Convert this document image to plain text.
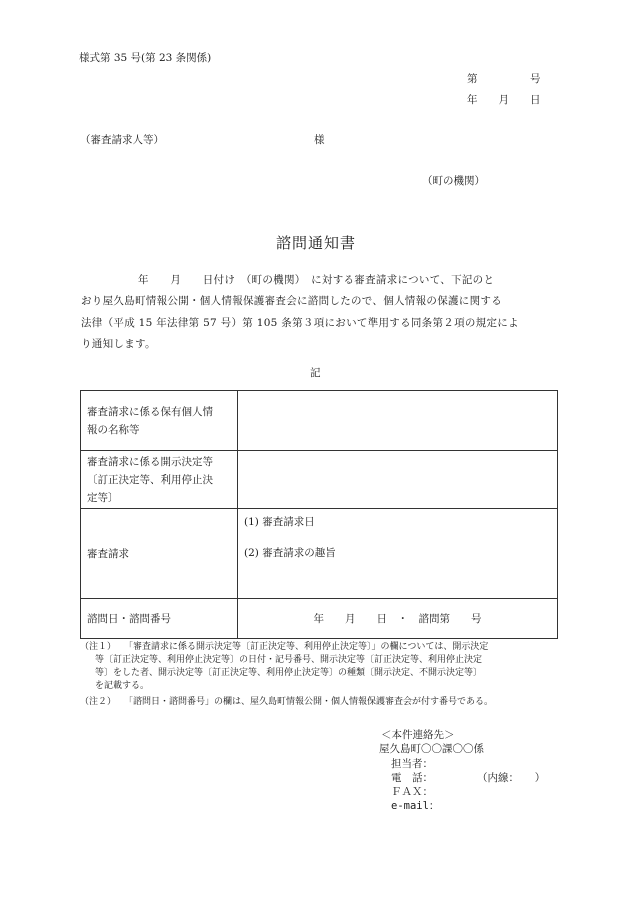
様式第 35 号(第 23 条関係)
第　　　　　号
年　　月　　日
（審査請求人等）	様
（町の機関）
諮問通知書
年　　月　　日付け　（町の機関）　に対する審査請求について、下記のと
おり屋久島町情報公開・個人情報保護審査会に諮問したので、個人情報の保護に関する
法律（平成 15 年法律第 57 号）第 105 条第３項において準用する同条第２項の規定によ
り通知します。
記
審査請求に係る保有個人情
報の名称等	

審査請求に係る開示決定等
〔訂正決定等、利用停止決
定等〕	

審査請求	(1) 審査請求日
(2) 審査請求の趣旨

諮問日・諮問番号	年　　月　　日　・　諮問第　　号
（注１） 「審査請求に係る開示決定等〔訂正決定等、利用停止決定等〕」の欄については、開示決定
等〔訂正決定等、利用停止決定等〕の日付・記号番号、開示決定等〔訂正決定等、利用停止決定
等〕をした者、開示決定等〔訂正決定等、利用停止決定等〕の種類〔開示決定、不開示決定等〕
を記載する。
（注２） 「諮問日・諮問番号」の欄は、屋久島町情報公開・個人情報保護審査会が付す番号である。
＜本件連絡先＞
屋久島町〇〇課〇〇係
担当者：
電　話：	（内線：　　）
ＦＡＸ：
e-mail：
